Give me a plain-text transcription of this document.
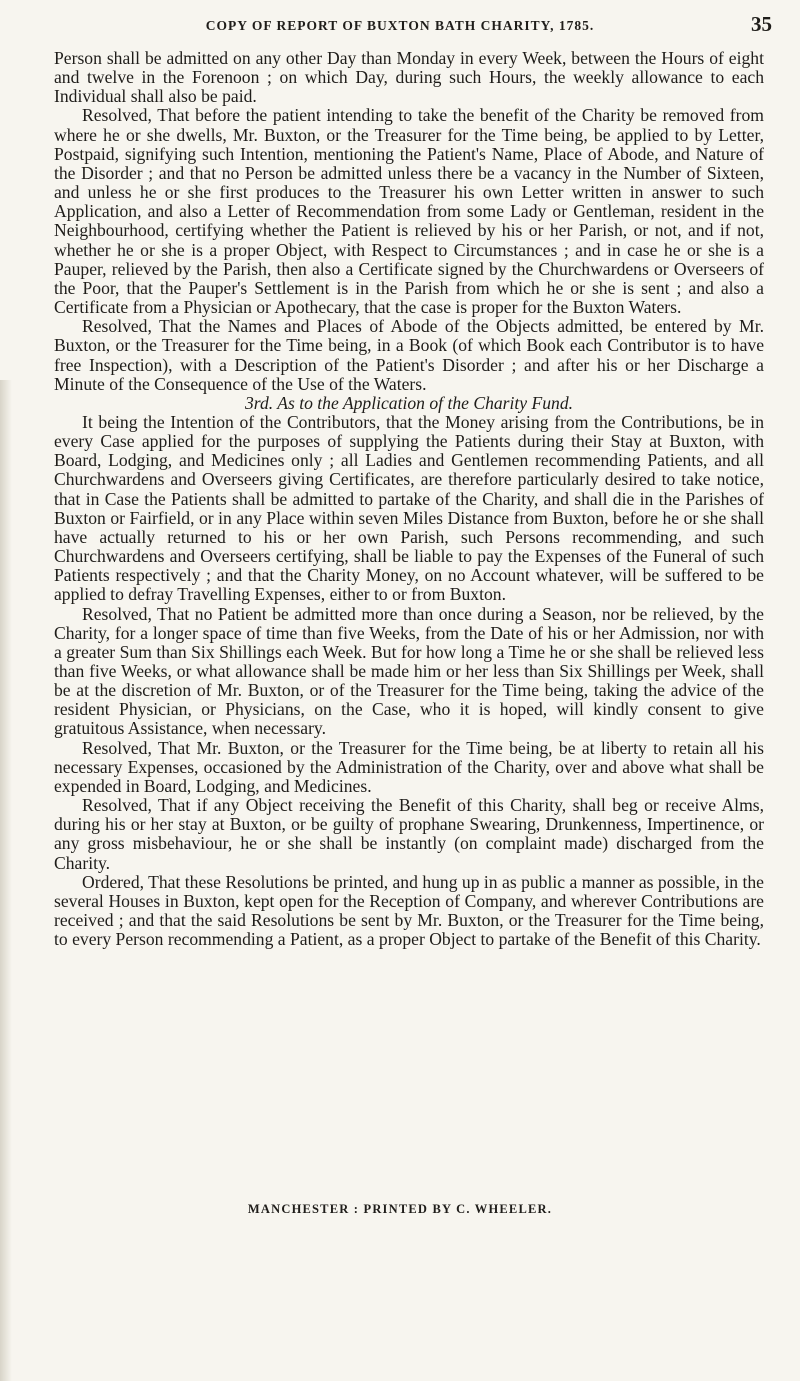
COPY OF REPORT OF BUXTON BATH CHARITY, 1785.	35

Person shall be admitted on any other Day than Monday in every Week, between the Hours of eight and twelve in the Forenoon ; on which Day, during such Hours, the weekly allowance to each Individual shall also be paid.

Resolved, That before the patient intending to take the benefit of the Charity be removed from where he or she dwells, Mr. Buxton, or the Treasurer for the Time being, be applied to by Letter, Postpaid, signifying such Intention, mentioning the Patient's Name, Place of Abode, and Nature of the Disorder ; and that no Person be admitted unless there be a vacancy in the Number of Sixteen, and unless he or she first produces to the Treasurer his own Letter written in answer to such Application, and also a Letter of Recommendation from some Lady or Gentleman, resident in the Neighbourhood, certifying whether the Patient is relieved by his or her Parish, or not, and if not, whether he or she is a proper Object, with Respect to Circumstances ; and in case he or she is a Pauper, relieved by the Parish, then also a Certificate signed by the Churchwardens or Overseers of the Poor, that the Pauper's Settlement is in the Parish from which he or she is sent ; and also a Certificate from a Physician or Apothecary, that the case is proper for the Buxton Waters.

Resolved, That the Names and Places of Abode of the Objects admitted, be entered by Mr. Buxton, or the Treasurer for the Time being, in a Book (of which Book each Contributor is to have free Inspection), with a Description of the Patient's Disorder ; and after his or her Discharge a Minute of the Consequence of the Use of the Waters.

3rd. As to the Application of the Charity Fund.

It being the Intention of the Contributors, that the Money arising from the Contributions, be in every Case applied for the purposes of supplying the Patients during their Stay at Buxton, with Board, Lodging, and Medicines only ; all Ladies and Gentlemen recommending Patients, and all Churchwardens and Overseers giving Certificates, are therefore particularly desired to take notice, that in Case the Patients shall be admitted to partake of the Charity, and shall die in the Parishes of Buxton or Fairfield, or in any Place within seven Miles Distance from Buxton, before he or she shall have actually returned to his or her own Parish, such Persons recommending, and such Churchwardens and Overseers certifying, shall be liable to pay the Expenses of the Funeral of such Patients respectively ; and that the Charity Money, on no Account whatever, will be suffered to be applied to defray Travelling Expenses, either to or from Buxton.

Resolved, That no Patient be admitted more than once during a Season, nor be relieved, by the Charity, for a longer space of time than five Weeks, from the Date of his or her Admission, nor with a greater Sum than Six Shillings each Week. But for how long a Time he or she shall be relieved less than five Weeks, or what allowance shall be made him or her less than Six Shillings per Week, shall be at the discretion of Mr. Buxton, or of the Treasurer for the Time being, taking the advice of the resident Physician, or Physicians, on the Case, who it is hoped, will kindly consent to give gratuitous Assistance, when necessary.

Resolved, That Mr. Buxton, or the Treasurer for the Time being, be at liberty to retain all his necessary Expenses, occasioned by the Administration of the Charity, over and above what shall be expended in Board, Lodging, and Medicines.

Resolved, That if any Object receiving the Benefit of this Charity, shall beg or receive Alms, during his or her stay at Buxton, or be guilty of prophane Swearing, Drunkenness, Impertinence, or any gross misbehaviour, he or she shall be instantly (on complaint made) discharged from the Charity.

Ordered, That these Resolutions be printed, and hung up in as public a manner as possible, in the several Houses in Buxton, kept open for the Reception of Company, and wherever Contributions are received ; and that the said Resolutions be sent by Mr. Buxton, or the Treasurer for the Time being, to every Person recommending a Patient, as a proper Object to partake of the Benefit of this Charity.

MANCHESTER : PRINTED BY C. WHEELER.
